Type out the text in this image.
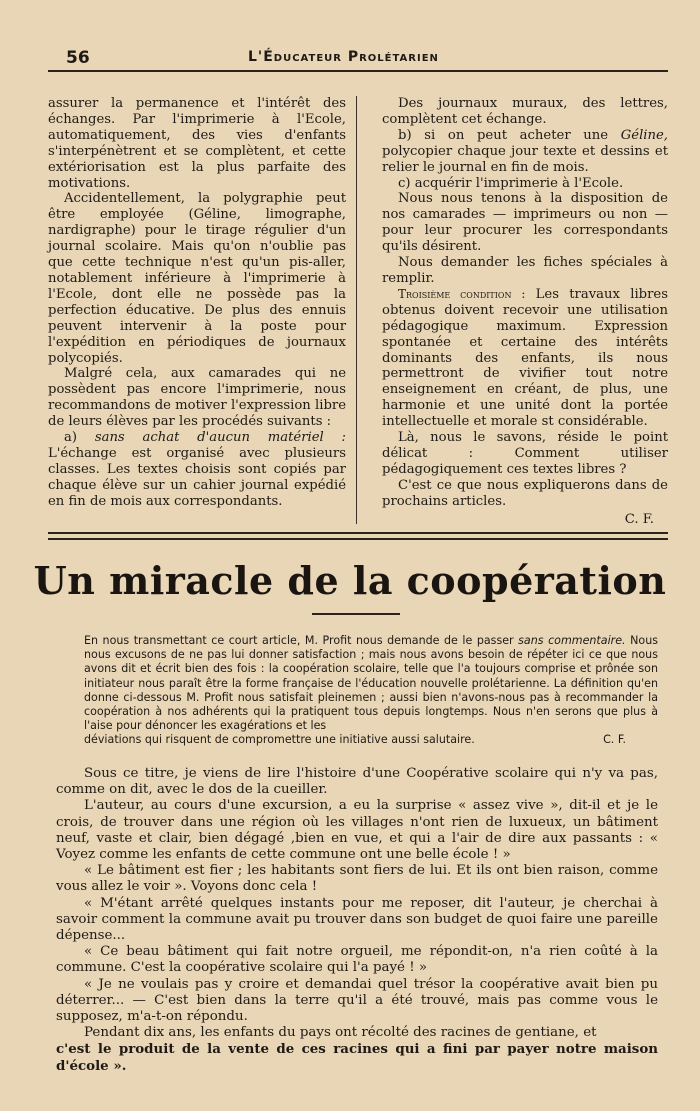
56	L'Éducateur Prolétarien

assurer la permanence et l'intérêt des échanges. Par l'imprimerie à l'Ecole, automatiquement, des vies d'enfants s'interpénètrent et se complètent, et cette extériorisation est la plus parfaite des motivations.

Accidentellement, la polygraphie peut être employée (Géline, limographe, nardigraphe) pour le tirage régulier d'un journal scolaire. Mais qu'on n'oublie pas que cette technique n'est qu'un pis-aller, notablement inférieure à l'imprimerie à l'Ecole, dont elle ne possède pas la perfection éducative. De plus des ennuis peuvent intervenir à la poste pour l'expédition en périodiques de journaux polycopiés.

Malgré cela, aux camarades qui ne possèdent pas encore l'imprimerie, nous recommandons de motiver l'expression libre de leurs élèves par les procédés suivants :

a) sans achat d'aucun matériel : L'échange est organisé avec plusieurs classes. Les textes choisis sont copiés par chaque élève sur un cahier journal expédié en fin de mois aux correspondants.

Des journaux muraux, des lettres, complètent cet échange.

b) si on peut acheter une Géline, polycopier chaque jour texte et dessins et relier le journal en fin de mois.

c) acquérir l'imprimerie à l'Ecole.

Nous nous tenons à la disposition de nos camarades — imprimeurs ou non — pour leur procurer les correspondants qu'ils désirent.

Nous demander les fiches spéciales à remplir.

Troisième condition : Les travaux libres obtenus doivent recevoir une utilisation pédagogique maximum. Expression spontanée et certaine des intérêts dominants des enfants, ils nous permettront de vivifier tout notre enseignement en créant, de plus, une harmonie et une unité dont la portée intellectuelle et morale st considérable.

Là, nous le savons, réside le point délicat : Comment utiliser pédagogiquement ces textes libres ?

C'est ce que nous expliquerons dans de prochains articles.

C. F.
Un miracle de la coopération

En nous transmettant ce court article, M. Profit nous demande de le passer sans commentaire. Nous nous excusons de ne pas lui donner satisfaction ; mais nous avons besoin de répéter ici ce que nous avons dit et écrit bien des fois : la coopération scolaire, telle que l'a toujours comprise et prônée son initiateur nous paraît être la forme française de l'éducation nouvelle prolétarienne. La définition qu'en donne ci-dessous M. Profit nous satisfait pleinemen ; aussi bien n'avons-nous pas à recommander la coopération à nos adhérents qui la pratiquent tous depuis longtemps. Nous n'en serons que plus à l'aise pour dénoncer les exagérations et les

déviations qui risquent de compromettre une initiative aussi salutaire.	C. F.

Sous ce titre, je viens de lire l'histoire d'une Coopérative scolaire qui n'y va pas, comme on dit, avec le dos de la cueiller.

L'auteur, au cours d'une excursion, a eu la surprise « assez vive », dit-il et je le crois, de trouver dans une région où les villages n'ont rien de luxueux, un bâtiment neuf, vaste et clair, bien dégagé ,bien en vue, et qui a l'air de dire aux passants : « Voyez comme les enfants de cette commune ont une belle école ! »

« Le bâtiment est fier ; les habitants sont fiers de lui. Et ils ont bien raison, comme vous allez le voir ». Voyons donc cela !

« M'étant arrêté quelques instants pour me reposer, dit l'auteur, je cherchai à savoir comment la commune avait pu trouver dans son budget de quoi faire une pareille dépense...

« Ce beau bâtiment qui fait notre orgueil, me répondit-on, n'a rien coûté à la commune. C'est la coopérative scolaire qui l'a payé ! »

« Je ne voulais pas y croire et demandai quel trésor la coopérative avait bien pu déterrer... — C'est bien dans la terre qu'il a été trouvé, mais pas comme vous le supposez, m'a-t-on répondu.

Pendant dix ans, les enfants du pays ont récolté des racines de gentiane, et

c'est le produit de la vente de ces racines qui a fini par payer notre maison d'école ».
